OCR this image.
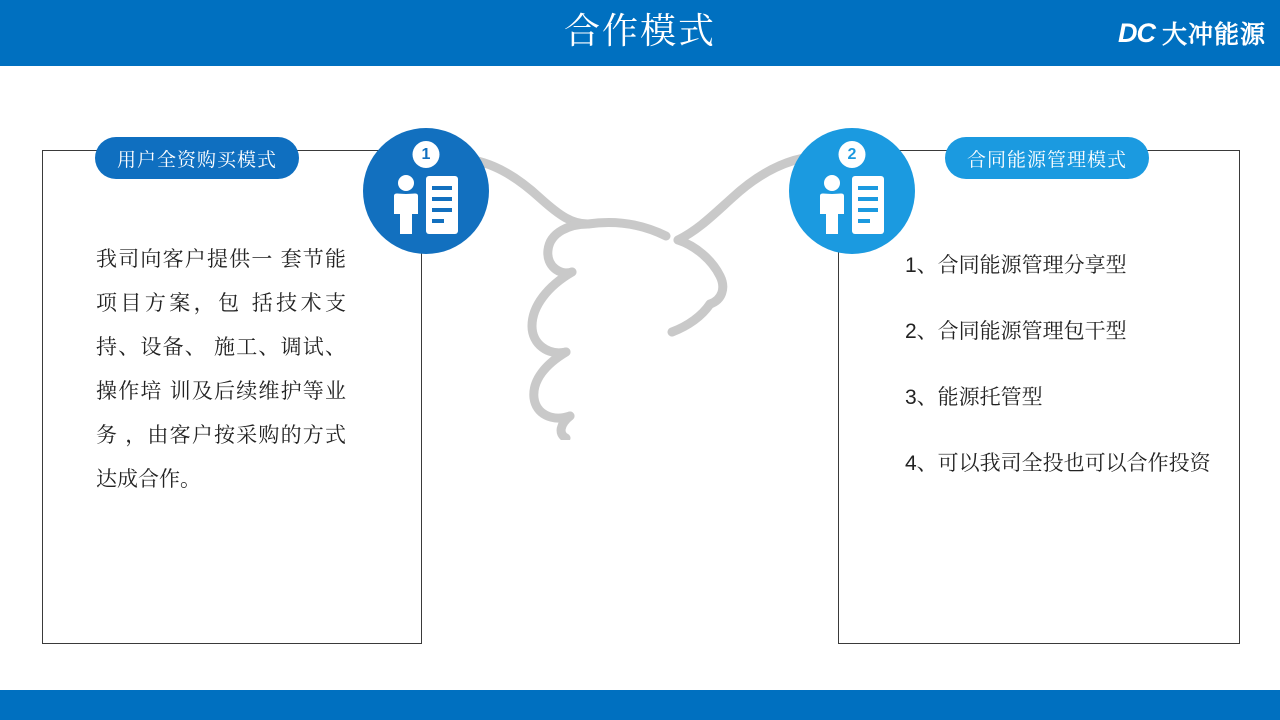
合作模式	DC 大冲能源
用户全资购买模式
我司向客户提供一 套节能项目方案，包 括技术支持、设备、 施工、调试、操作培 训及后续维护等业务 ，由客户按采购的方式达成合作。
合同能源管理模式
1、合同能源管理分享型
2、合同能源管理包干型
3、能源托管型
4、可以我司全投也可以合作投资
1	2
